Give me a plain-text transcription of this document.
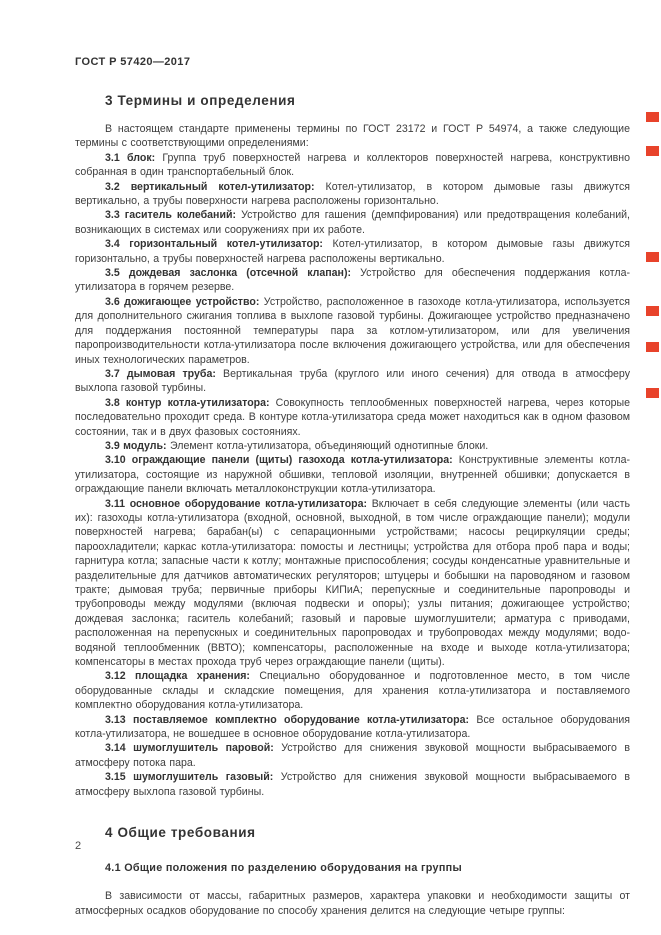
ГОСТ Р 57420—2017
3 Термины и определения

В настоящем стандарте применены термины по ГОСТ 23172 и ГОСТ Р 54974, а также следующие термины с соответствующими определениями:

3.1 блок: Группа труб поверхностей нагрева и коллекторов поверхностей нагрева, конструктивно собранная в один транспортабельный блок.

3.2 вертикальный котел-утилизатор: Котел-утилизатор, в котором дымовые газы движутся вертикально, а трубы поверхности нагрева расположены горизонтально.

3.3 гаситель колебаний: Устройство для гашения (демпфирования) или предотвращения колебаний, возникающих в системах или сооружениях при их работе.

3.4 горизонтальный котел-утилизатор: Котел-утилизатор, в котором дымовые газы движутся горизонтально, а трубы поверхностей нагрева расположены вертикально.

3.5 дождевая заслонка (отсечной клапан): Устройство для обеспечения поддержания котла-утилизатора в горячем резерве.

3.6 дожигающее устройство: Устройство, расположенное в газоходе котла-утилизатора, используется для дополнительного сжигания топлива в выхлопе газовой турбины. Дожигающее устройство предназначено для поддержания постоянной температуры пара за котлом-утилизатором, или для увеличения паропроизводительности котла-утилизатора после включения дожигающего устройства, или для обеспечения иных технологических параметров.

3.7 дымовая труба: Вертикальная труба (круглого или иного сечения) для отвода в атмосферу выхлопа газовой турбины.

3.8 контур котла-утилизатора: Совокупность теплообменных поверхностей нагрева, через которые последовательно проходит среда. В контуре котла-утилизатора среда может находиться как в одном фазовом состоянии, так и в двух фазовых состояниях.

3.9 модуль: Элемент котла-утилизатора, объединяющий однотипные блоки.

3.10 ограждающие панели (щиты) газохода котла-утилизатора: Конструктивные элементы котла-утилизатора, состоящие из наружной обшивки, тепловой изоляции, внутренней обшивки; допускается в ограждающие панели включать металлоконструкции котла-утилизатора.

3.11 основное оборудование котла-утилизатора: Включает в себя следующие элементы (или часть их): газоходы котла-утилизатора (входной, основной, выходной, в том числе ограждающие панели); модули поверхностей нагрева; барабан(ы) с сепарационными устройствами; насосы рециркуляции среды; пароохладители; каркас котла-утилизатора: помосты и лестницы; устройства для отбора проб пара и воды; гарнитура котла; запасные части к котлу; монтажные приспособления; сосуды конденсатные уравнительные и разделительные для датчиков автоматических регуляторов; штуцеры и бобышки на пароводяном и газовом тракте; дымовая труба; первичные приборы КИПиА; перепускные и соединительные паропроводы и трубопроводы между модулями (включая подвески и опоры); узлы питания; дожигающее устройство; дождевая заслонка; гаситель колебаний; газовый и паровые шумоглушители; арматура с приводами, расположенная на перепускных и соединительных паропроводах и трубопроводах между модулями; водо-водяной теплообменник (ВВТО); компенсаторы, расположенные на входе и выходе котла-утилизатора; компенсаторы в местах прохода труб через ограждающие панели (щиты).

3.12 площадка хранения: Специально оборудованное и подготовленное место, в том числе оборудованные склады и складские помещения, для хранения котла-утилизатора и поставляемого комплектно оборудования котла-утилизатора.

3.13 поставляемое комплектно оборудование котла-утилизатора: Все остальное оборудования котла-утилизатора, не вошедшее в основное оборудование котла-утилизатора.

3.14 шумоглушитель паровой: Устройство для снижения звуковой мощности выбрасываемого в атмосферу потока пара.

3.15 шумоглушитель газовый: Устройство для снижения звуковой мощности выбрасываемого в атмосферу выхлопа газовой турбины.

4 Общие требования
4.1 Общие положения по разделению оборудования на группы

В зависимости от массы, габаритных размеров, характера упаковки и необходимости защиты от атмосферных осадков оборудование по способу хранения делится на следующие четыре группы:

2
